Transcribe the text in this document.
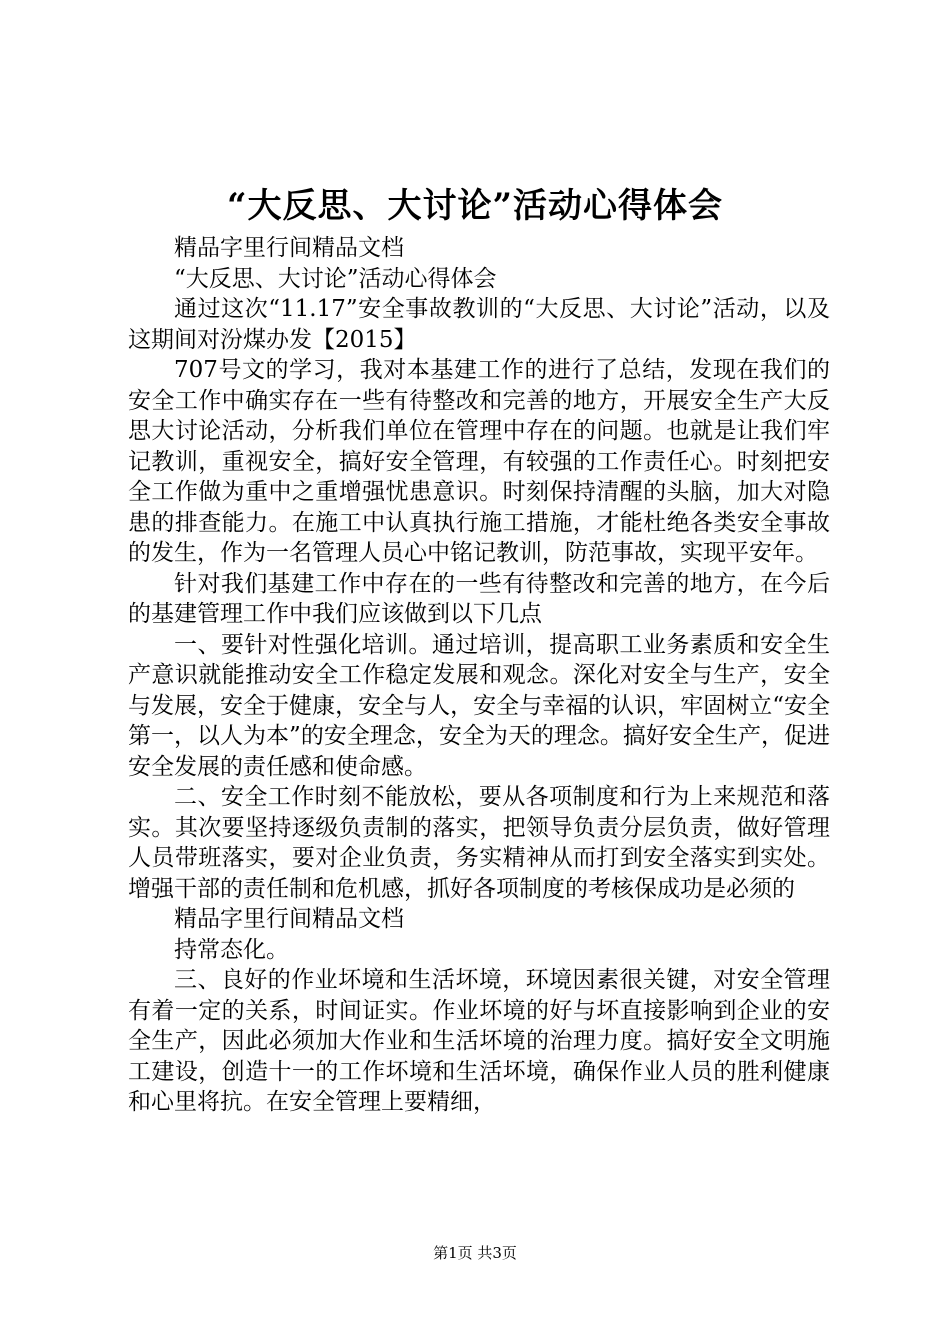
“大反思、大讨论”活动心得体会

精品字里行间精品文档

“大反思、大讨论”活动心得体会

通过这次“11.17”安全事故教训的“大反思、大讨论”活动，以及这期间对汾煤办发【2015】

707号文的学习，我对本基建工作的进行了总结，发现在我们的安全工作中确实存在一些有待整改和完善的地方，开展安全生产大反思大讨论活动，分析我们单位在管理中存在的问题。也就是让我们牢记教训，重视安全，搞好安全管理，有较强的工作责任心。时刻把安全工作做为重中之重增强忧患意识。时刻保持清醒的头脑，加大对隐患的排查能力。在施工中认真执行施工措施，才能杜绝各类安全事故的发生，作为一名管理人员心中铭记教训，防范事故，实现平安年。

针对我们基建工作中存在的一些有待整改和完善的地方，在今后的基建管理工作中我们应该做到以下几点

一、要针对性强化培训。通过培训，提高职工业务素质和安全生产意识就能推动安全工作稳定发展和观念。深化对安全与生产，安全与发展，安全于健康，安全与人，安全与幸福的认识，牢固树立“安全第一，以人为本”的安全理念，安全为天的理念。搞好安全生产，促进安全发展的责任感和使命感。

二、安全工作时刻不能放松，要从各项制度和行为上来规范和落实。其次要坚持逐级负责制的落实，把领导负责分层负责，做好管理人员带班落实，要对企业负责，务实精神从而打到安全落实到实处。增强干部的责任制和危机感，抓好各项制度的考核保成功是必须的

精品字里行间精品文档

持常态化。

三、良好的作业坏境和生活坏境，环境因素很关键，对安全管理有着一定的关系，时间证实。作业坏境的好与坏直接影响到企业的安全生产，因此必须加大作业和生活坏境的治理力度。搞好安全文明施工建设，创造十一的工作坏境和生活坏境，确保作业人员的胜利健康和心里将抗。在安全管理上要精细，

第1页 共3页
